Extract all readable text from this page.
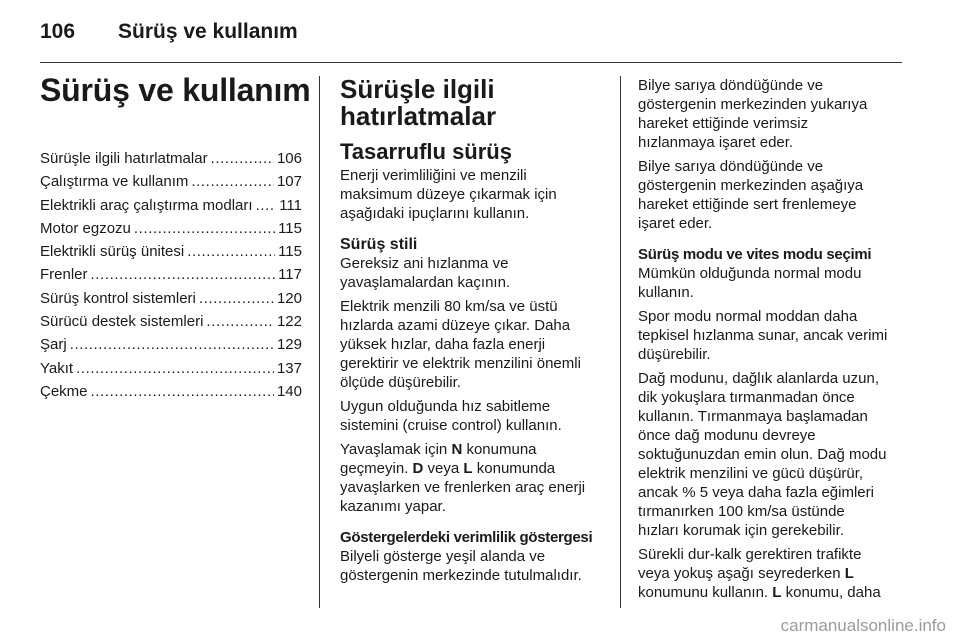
106 Sürüş ve kullanım
Sürüş ve kullanım
Sürüşle ilgili hatırlatmalar .....	106
Çalıştırma ve kullanım .....	107
Elektrikli araç çalıştırma modları ..... 111
Motor egzozu .....	115
Elektrikli sürüş ünitesi .....	115
Frenler .....	117
Sürüş kontrol sistemleri .....	120
Sürücü destek sistemleri .....	122
Şarj .....	129
Yakıt .....	137
Çekme .....	140
Sürüşle ilgili
hatırlatmalar
Tasarruflu sürüş

Enerji verimliliğini ve menzili
maksimum düzeye çıkarmak için
aşağıdaki ipuçlarını kullanın.

Sürüş stili

Gereksiz ani hızlanma ve
yavaşlamalardan kaçının.

Elektrik menzili 80 km/sa ve üstü
hızlarda azami düzeye çıkar. Daha
yüksek hızlar, daha fazla enerji
gerektirir ve elektrik menzilini önemli
ölçüde düşürebilir.

Uygun olduğunda hız sabitleme
sistemini (cruise control) kullanın.

Yavaşlamak için N konumuna
geçmeyin. D veya L konumunda
yavaşlarken ve frenlerken araç enerji
kazanımı yapar.

Göstergelerdeki verimlilik göstergesi

Bilyeli gösterge yeşil alanda ve
göstergenin merkezinde tutulmalıdır.

Bilye sarıya döndüğünde ve
göstergenin merkezinden yukarıya
hareket ettiğinde verimsiz
hızlanmaya işaret eder.

Bilye sarıya döndüğünde ve
göstergenin merkezinden aşağıya
hareket ettiğinde sert frenlemeye
işaret eder.

Sürüş modu ve vites modu seçimi

Mümkün olduğunda normal modu
kullanın.

Spor modu normal moddan daha
tepkisel hızlanma sunar, ancak verimi
düşürebilir.

Dağ modunu, dağlık alanlarda uzun,
dik yokuşlara tırmanmadan önce
kullanın. Tırmanmaya başlamadan
önce dağ modunu devreye
soktuğunuzdan emin olun. Dağ modu
elektrik menzilini ve gücü düşürür,
ancak % 5 veya daha fazla eğimleri
tırmanırken 100 km/sa üstünde
hızları korumak için gerekebilir.

Sürekli dur-kalk gerektiren trafikte
veya yokuş aşağı seyrederken L
konumunu kullanın. L konumu, daha

carmanualsonline.info
